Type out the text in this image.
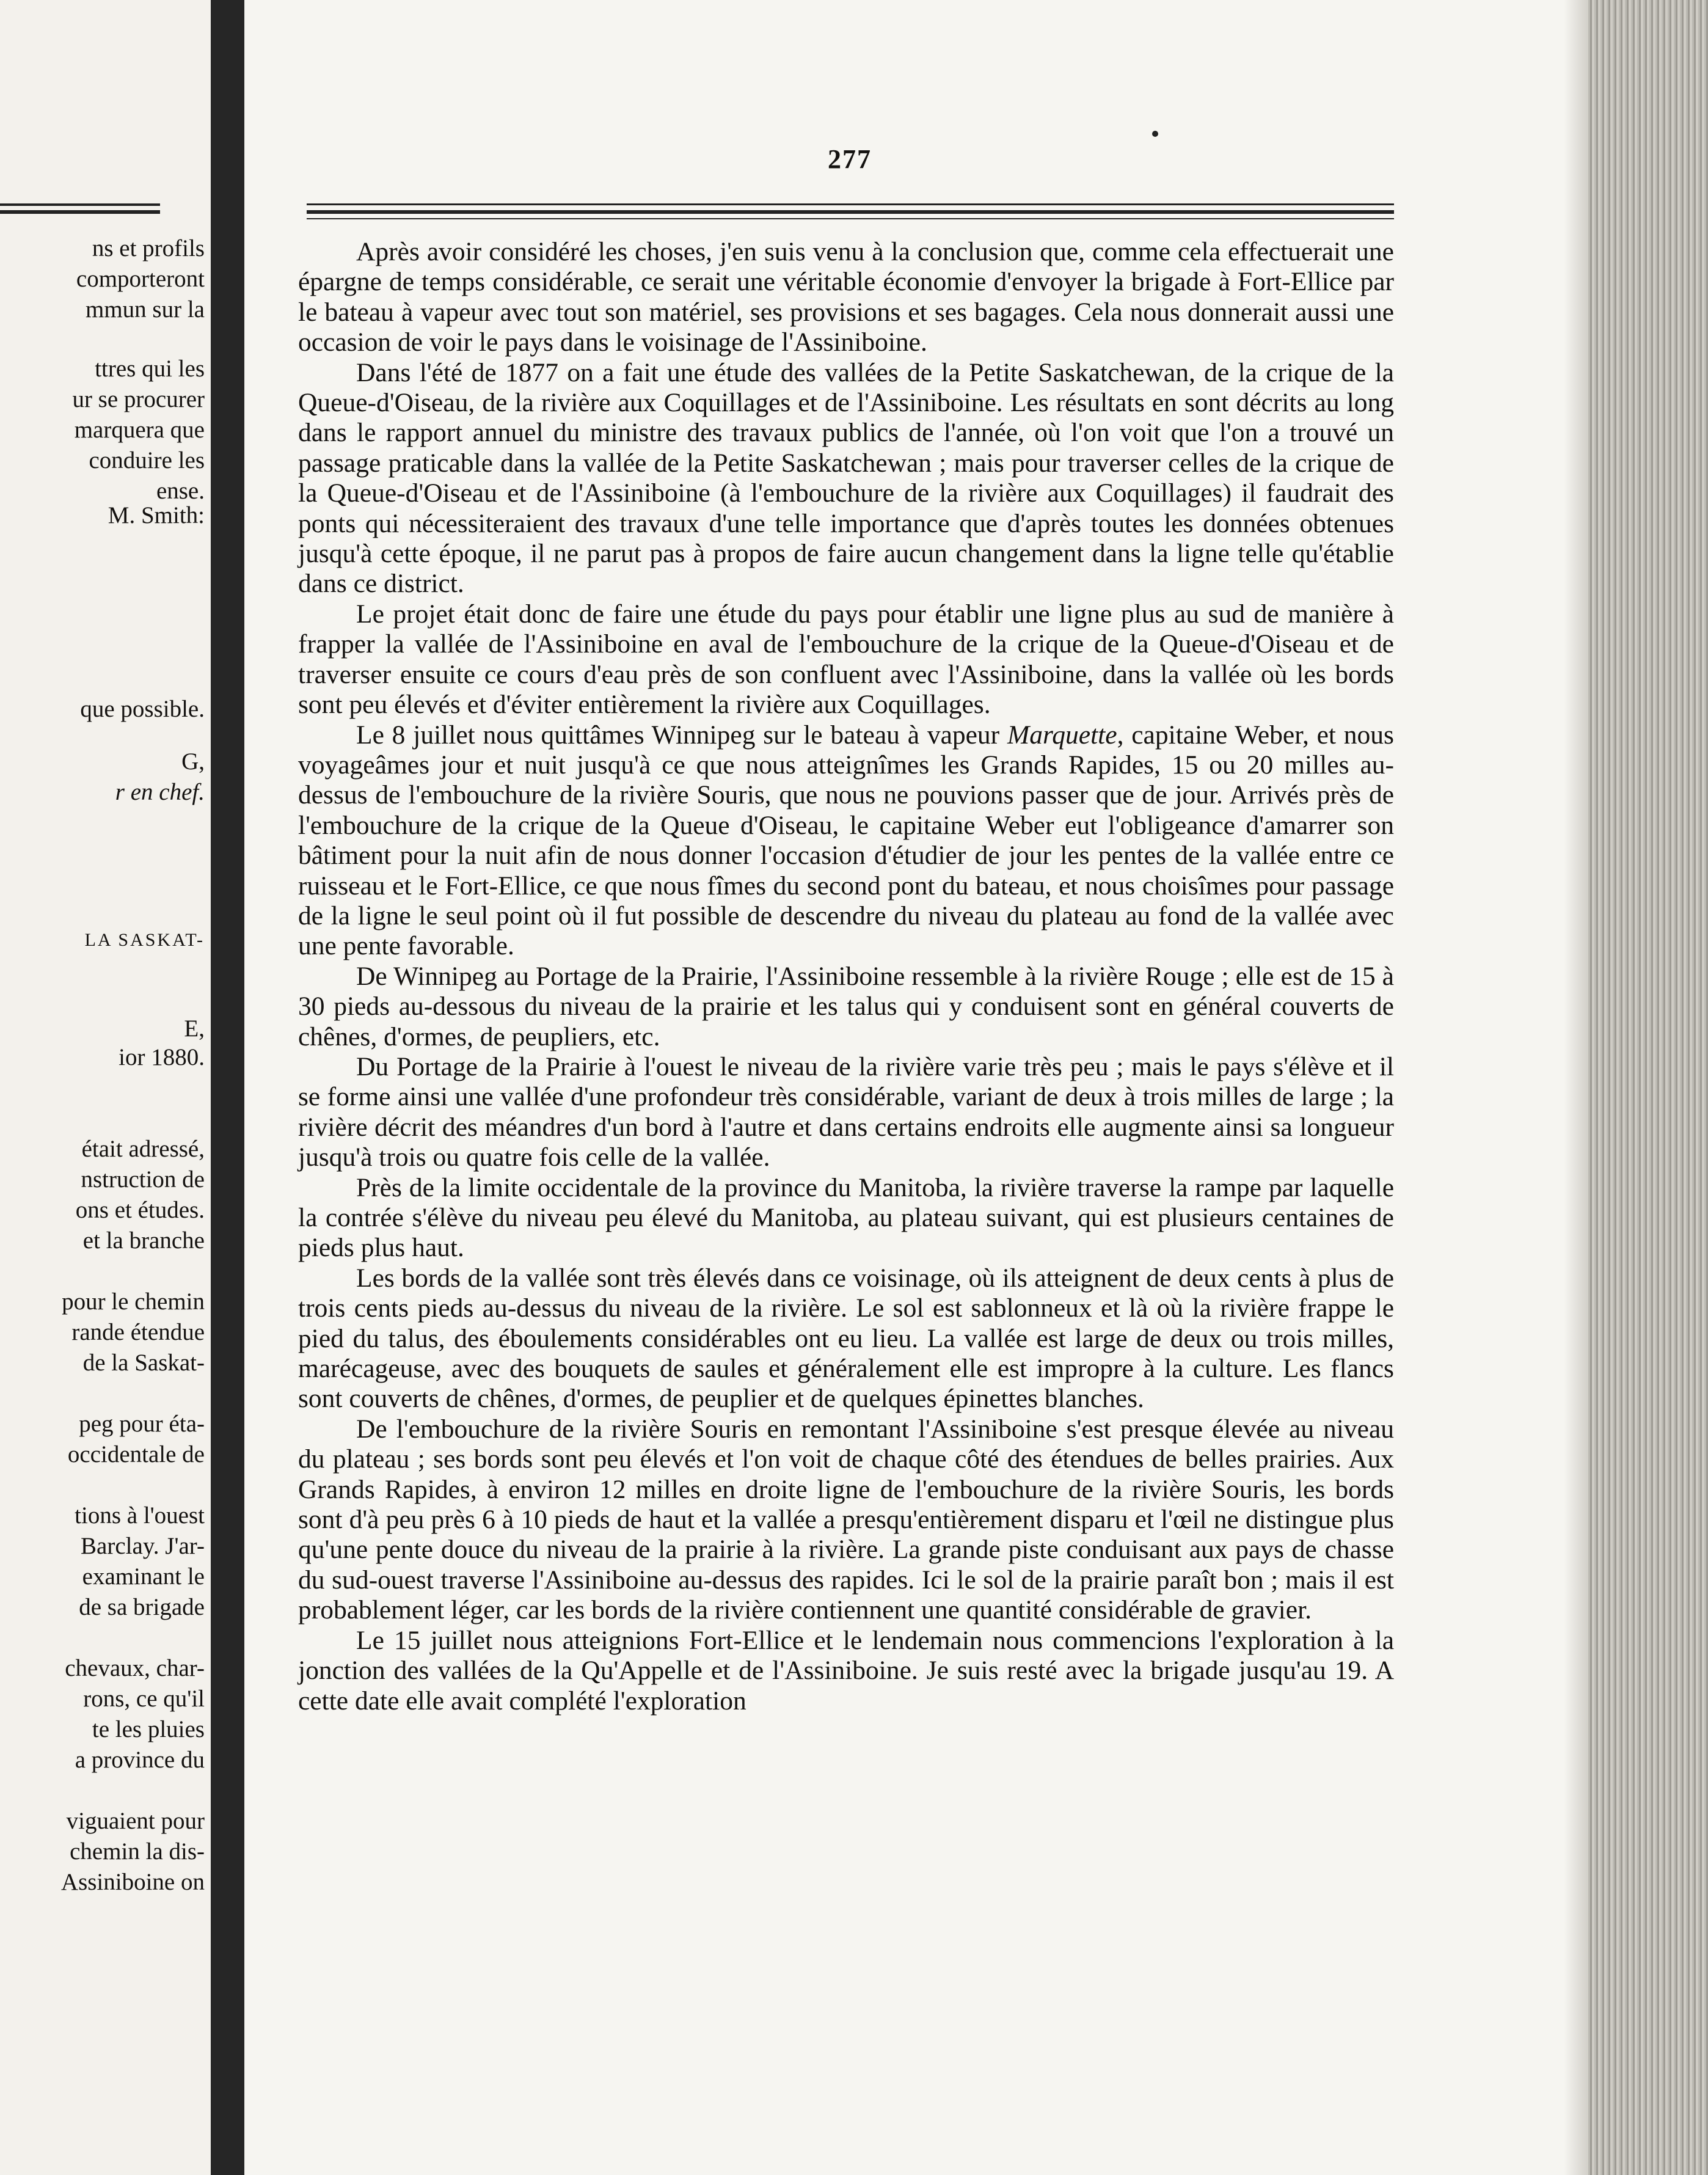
ns et profils
comporteront
mmun sur la
ttres qui les
ur se procurer
marquera que
conduire les
ense.
M. Smith:
que possible.
G,
r en chef.
LA SASKAT-
E,
ior 1880.
était adressé,
nstruction de
ons et études.
et la branche
pour le chemin
rande étendue
de la Saskat-
peg pour éta-
occidentale de
tions à l'ouest
Barclay. J'ar-
examinant le
de sa brigade
chevaux, char-
rons, ce qu'il
te les pluies
a province du
viguaient pour
chemin la dis-
Assiniboine on
277

Après avoir considéré les choses, j'en suis venu à la conclusion que, comme cela effectuerait une épargne de temps considérable, ce serait une véritable économie d'envoyer la brigade à Fort-Ellice par le bateau à vapeur avec tout son matériel, ses provisions et ses bagages. Cela nous donnerait aussi une occasion de voir le pays dans le voisinage de l'Assiniboine.

Dans l'été de 1877 on a fait une étude des vallées de la Petite Saskatchewan, de la crique de la Queue-d'Oiseau, de la rivière aux Coquillages et de l'Assiniboine. Les résultats en sont décrits au long dans le rapport annuel du ministre des travaux publics de l'année, où l'on voit que l'on a trouvé un passage praticable dans la vallée de la Petite Saskatchewan ; mais pour traverser celles de la crique de la Queue-d'Oiseau et de l'Assiniboine (à l'embouchure de la rivière aux Coquillages) il faudrait des ponts qui nécessiteraient des travaux d'une telle importance que d'après toutes les données obtenues jusqu'à cette époque, il ne parut pas à propos de faire aucun changement dans la ligne telle qu'établie dans ce district.

Le projet était donc de faire une étude du pays pour établir une ligne plus au sud de manière à frapper la vallée de l'Assiniboine en aval de l'embouchure de la crique de la Queue-d'Oiseau et de traverser ensuite ce cours d'eau près de son confluent avec l'Assiniboine, dans la vallée où les bords sont peu élevés et d'éviter entièrement la rivière aux Coquillages.

Le 8 juillet nous quittâmes Winnipeg sur le bateau à vapeur Marquette, capitaine Weber, et nous voyageâmes jour et nuit jusqu'à ce que nous atteignîmes les Grands Rapides, 15 ou 20 milles au-dessus de l'embouchure de la rivière Souris, que nous ne pouvions passer que de jour. Arrivés près de l'embouchure de la crique de la Queue d'Oiseau, le capitaine Weber eut l'obligeance d'amarrer son bâtiment pour la nuit afin de nous donner l'occasion d'étudier de jour les pentes de la vallée entre ce ruisseau et le Fort-Ellice, ce que nous fîmes du second pont du bateau, et nous choisîmes pour passage de la ligne le seul point où il fut possible de descendre du niveau du plateau au fond de la vallée avec une pente favorable.

De Winnipeg au Portage de la Prairie, l'Assiniboine ressemble à la rivière Rouge ; elle est de 15 à 30 pieds au-dessous du niveau de la prairie et les talus qui y conduisent sont en général couverts de chênes, d'ormes, de peupliers, etc.

Du Portage de la Prairie à l'ouest le niveau de la rivière varie très peu ; mais le pays s'élève et il se forme ainsi une vallée d'une profondeur très considérable, variant de deux à trois milles de large ; la rivière décrit des méandres d'un bord à l'autre et dans certains endroits elle augmente ainsi sa longueur jusqu'à trois ou quatre fois celle de la vallée.

Près de la limite occidentale de la province du Manitoba, la rivière traverse la rampe par laquelle la contrée s'élève du niveau peu élevé du Manitoba, au plateau suivant, qui est plusieurs centaines de pieds plus haut.

Les bords de la vallée sont très élevés dans ce voisinage, où ils atteignent de deux cents à plus de trois cents pieds au-dessus du niveau de la rivière. Le sol est sablonneux et là où la rivière frappe le pied du talus, des éboulements considérables ont eu lieu. La vallée est large de deux ou trois milles, marécageuse, avec des bouquets de saules et généralement elle est impropre à la culture. Les flancs sont couverts de chênes, d'ormes, de peuplier et de quelques épinettes blanches.

De l'embouchure de la rivière Souris en remontant l'Assiniboine s'est presque élevée au niveau du plateau ; ses bords sont peu élevés et l'on voit de chaque côté des étendues de belles prairies. Aux Grands Rapides, à environ 12 milles en droite ligne de l'embouchure de la rivière Souris, les bords sont d'à peu près 6 à 10 pieds de haut et la vallée a presqu'entièrement disparu et l'œil ne distingue plus qu'une pente douce du niveau de la prairie à la rivière. La grande piste conduisant aux pays de chasse du sud-ouest traverse l'Assiniboine au-dessus des rapides. Ici le sol de la prairie paraît bon ; mais il est probablement léger, car les bords de la rivière contiennent une quantité considérable de gravier.

Le 15 juillet nous atteignions Fort-Ellice et le lendemain nous commencions l'exploration à la jonction des vallées de la Qu'Appelle et de l'Assiniboine. Je suis resté avec la brigade jusqu'au 19. A cette date elle avait complété l'exploration
